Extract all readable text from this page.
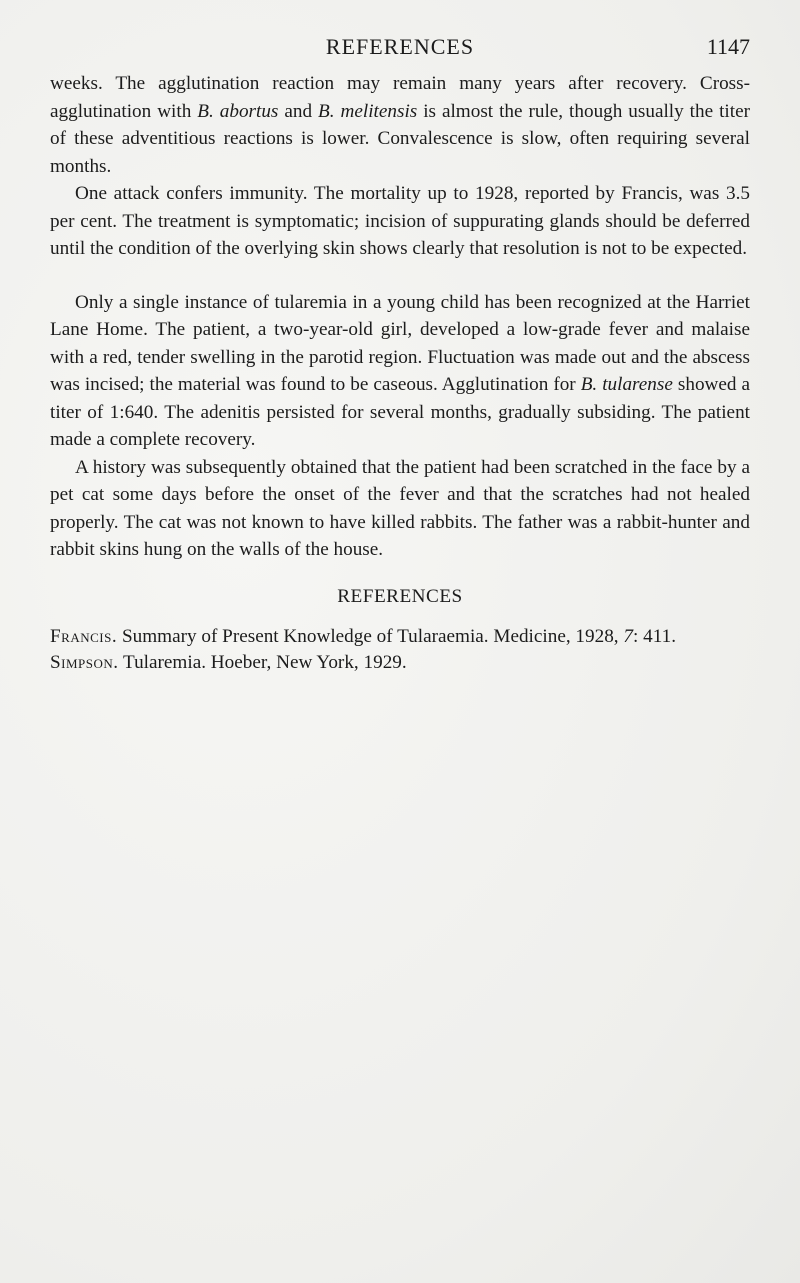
REFERENCES	1147

weeks. The agglutination reaction may remain many years after recovery. Cross-agglutination with B. abortus and B. melitensis is almost the rule, though usually the titer of these adventitious reactions is lower. Convalescence is slow, often requiring several months.

One attack confers immunity. The mortality up to 1928, reported by Francis, was 3.5 per cent. The treatment is symptomatic; incision of suppurating glands should be deferred until the condition of the overlying skin shows clearly that resolution is not to be expected.

Only a single instance of tularemia in a young child has been recognized at the Harriet Lane Home. The patient, a two-year-old girl, developed a low-grade fever and malaise with a red, tender swelling in the parotid region. Fluctuation was made out and the abscess was incised; the material was found to be caseous. Agglutination for B. tularense showed a titer of 1:640. The adenitis persisted for several months, gradually subsiding. The patient made a complete recovery.

A history was subsequently obtained that the patient had been scratched in the face by a pet cat some days before the onset of the fever and that the scratches had not healed properly. The cat was not known to have killed rabbits. The father was a rabbit-hunter and rabbit skins hung on the walls of the house.

REFERENCES
Francis. Summary of Present Knowledge of Tularaemia. Medicine, 1928, 7: 411.
Simpson. Tularemia. Hoeber, New York, 1929.
